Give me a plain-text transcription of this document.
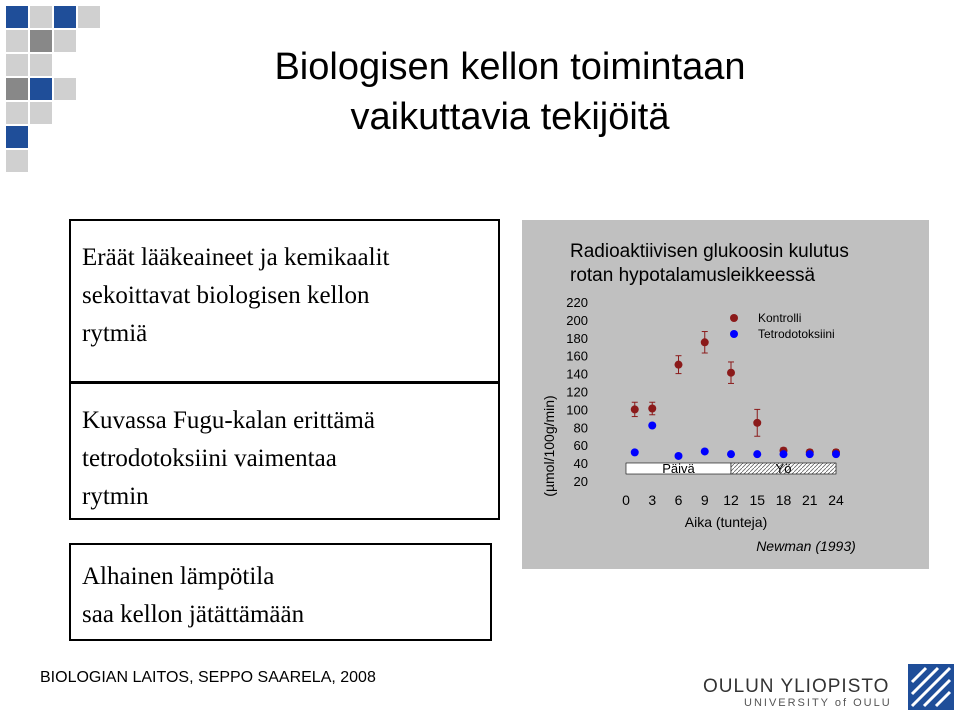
Biologisen kellon toimintaan
vaikuttavia tekijöitä
Eräät lääkeaineet ja kemikaalit
sekoittavat biologisen kellon
rytmiä
Kuvassa Fugu-kalan erittämä
tetrodotoksiini vaimentaa
rytmin
Alhainen lämpötila
saa kellon jätättämään
Radioaktiivisen glukoosin kulutus
rotan hypotalamusleikkeessä
(µmol/100g/min) 20
40
60
80
100
120
140
160
180
200
220
0 3 6 9 12 15 18 21 24
Päivä	Yö
Kontrolli
Tetrodotoksiini
Aika (tunteja)
Newman (1993)
BIOLOGIAN LAITOS, SEPPO SAARELA, 2008	OULUN YLIOPISTO
UNIVERSITY of OULU
